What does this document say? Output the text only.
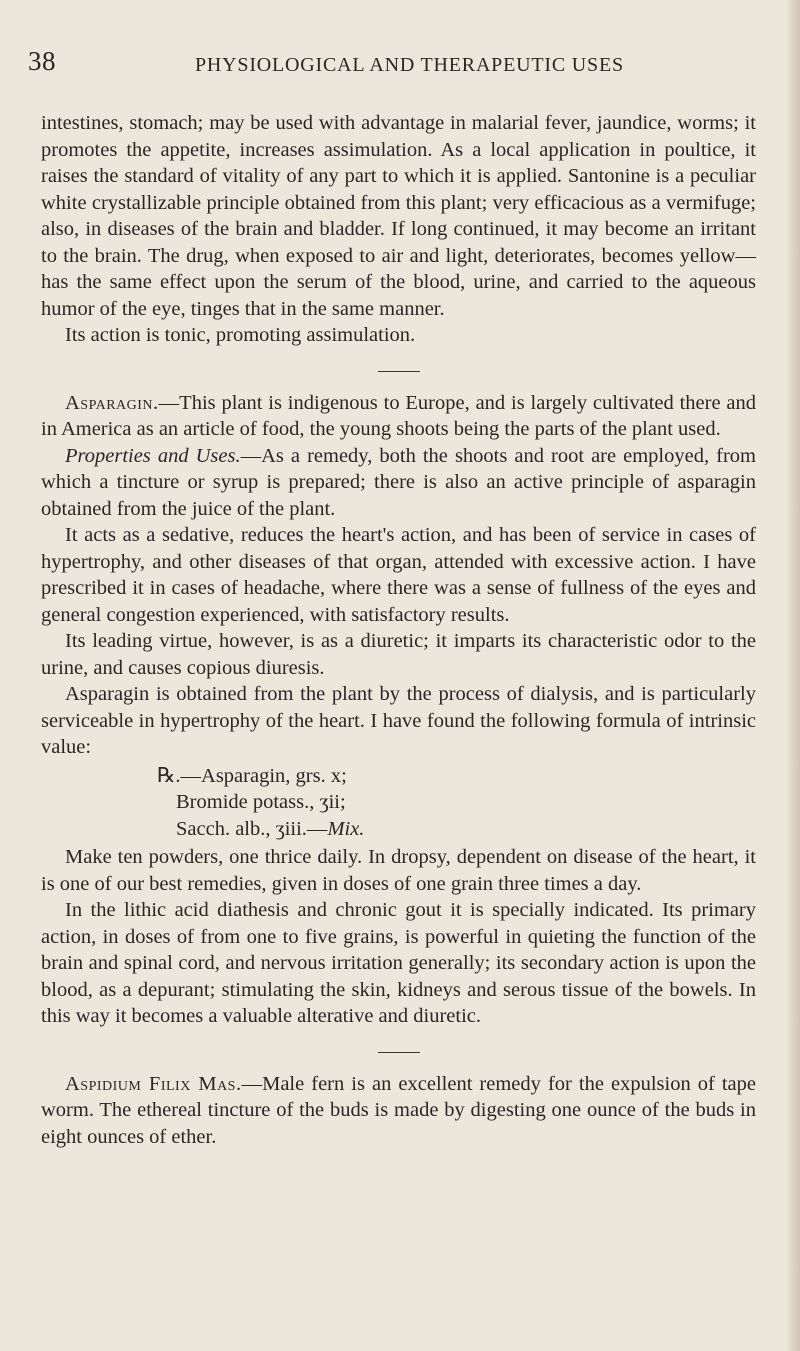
38	PHYSIOLOGICAL AND THERAPEUTIC USES

intestines, stomach; may be used with advantage in malarial fever, jaundice, worms; it promotes the appetite, increases assimulation. As a local application in poultice, it raises the standard of vitality of any part to which it is applied. Santonine is a peculiar white crystallizable principle obtained from this plant; very efficacious as a vermifuge; also, in diseases of the brain and bladder. If long continued, it may become an irritant to the brain. The drug, when exposed to air and light, deteriorates, becomes yellow—has the same effect upon the serum of the blood, urine, and carried to the aqueous humor of the eye, tinges that in the same manner.

Its action is tonic, promoting assimulation.

Asparagin.—This plant is indigenous to Europe, and is largely cultivated there and in America as an article of food, the young shoots being the parts of the plant used.

Properties and Uses.—As a remedy, both the shoots and root are employed, from which a tincture or syrup is prepared; there is also an active principle of asparagin obtained from the juice of the plant.

It acts as a sedative, reduces the heart's action, and has been of service in cases of hypertrophy, and other diseases of that organ, attended with excessive action. I have prescribed it in cases of headache, where there was a sense of fullness of the eyes and general congestion experienced, with satisfactory results.

Its leading virtue, however, is as a diuretic; it imparts its characteristic odor to the urine, and causes copious diuresis.

Asparagin is obtained from the plant by the process of dialysis, and is particularly serviceable in hypertrophy of the heart. I have found the following formula of intrinsic value:

℞.—Asparagin, grs. x;
Bromide potass., ʒii;
Sacch. alb., ʒiii.—Mix.

Make ten powders, one thrice daily. In dropsy, dependent on disease of the heart, it is one of our best remedies, given in doses of one grain three times a day.

In the lithic acid diathesis and chronic gout it is specially indicated. Its primary action, in doses of from one to five grains, is powerful in quieting the function of the brain and spinal cord, and nervous irritation generally; its secondary action is upon the blood, as a depurant; stimulating the skin, kidneys and serous tissue of the bowels. In this way it becomes a valuable alterative and diuretic.

Aspidium Filix Mas.—Male fern is an excellent remedy for the expulsion of tape worm. The ethereal tincture of the buds is made by digesting one ounce of the buds in eight ounces of ether.
